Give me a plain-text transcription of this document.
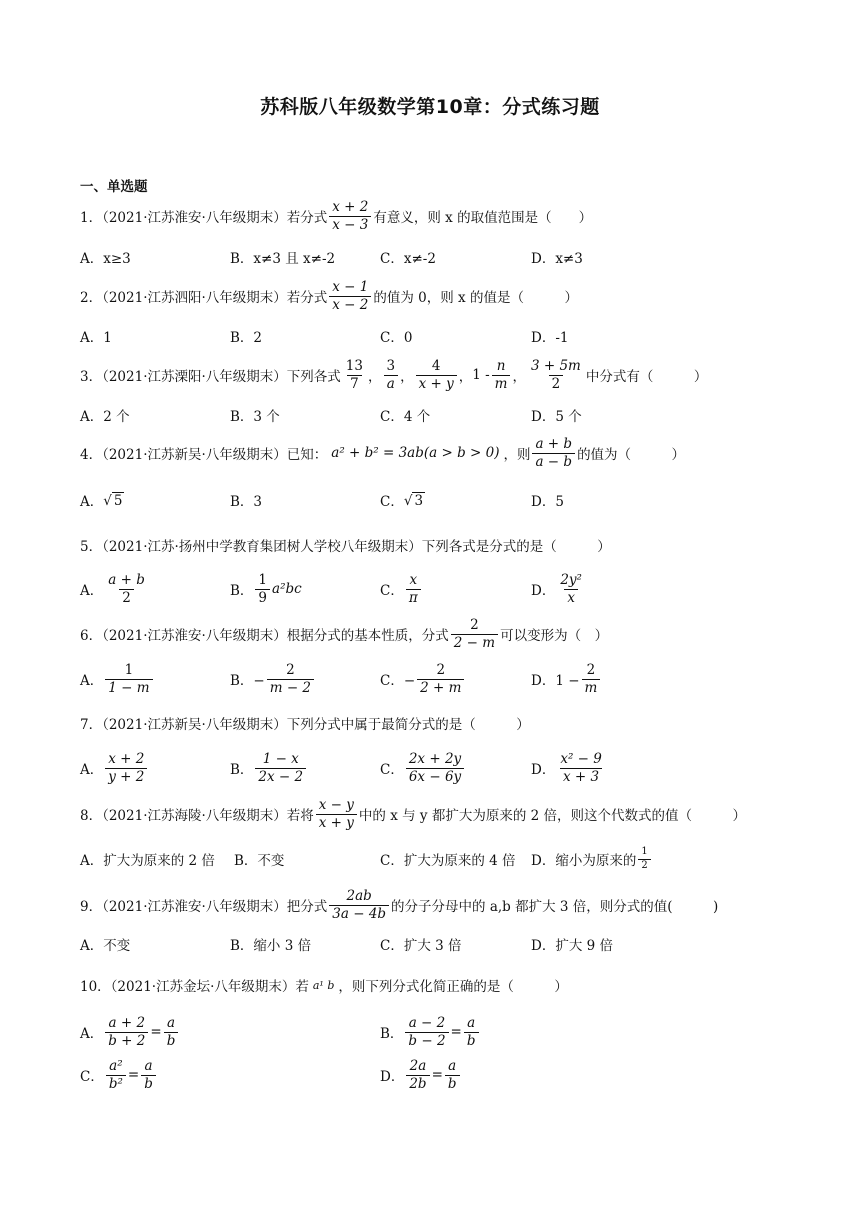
苏科版八年级数学第10章：分式练习题
一、单选题
1．（2021·江苏淮安·八年级期末）若分式 $\frac{x + 2}{x - 3}$ 有意义，则 x 的取值范围是（　　）
A．x≥3	B．x≠3 且 x≠-2	C．x≠-2	D．x≠3
2．（2021·江苏泗阳·八年级期末）若分式 $\frac{x - 1}{x - 2}$ 的值为 0，则 x 的值是（　　　）
A．1	B．2	C．0	D．-1
3．（2021·江苏溧阳·八年级期末）下列各式 $\frac{13}{7}$ ， $\frac{3}{a}$ ， $\frac{4}{x + y}$ ， $1 - \frac{n}{m}$ ， $\frac{3 + 5m}{2}$ 中分式有（　　　）
A．2 个	B．3 个	C．4 个	D．5 个
4．（2021·江苏新吴·八年级期末）已知： a² + b² = 3ab(a > b > 0) ，则 $\frac{a + b}{a - b}$ 的值为（　　　）
A． √ 5	B．3	C． √ 3	D．5
5．（2021·江苏·扬州中学教育集团树人学校八年级期末）下列各式是分式的是（　　　）
A． $\frac{a + b}{2}$	B． $\frac{1}{9} a^2bc$	C． $\frac{x}{\pi}$	D． $\frac{\text{2y²}}{x}$
6．（2021·江苏淮安·八年级期末）根据分式的基本性质，分式 $\frac{2}{2 - m}$ 可以变形为（　）
A． $\frac{1}{1 - m}$	B．− $\frac{2}{m - 2}$	C．− $\frac{2}{2 + m}$	D．$1 - \frac{2}{m}$
7．（2021·江苏新吴·八年级期末）下列分式中属于最简分式的是（　　　）
A． $\frac{x + 2}{y + 2}$	B． $\frac{1 - x}{2x - 2}$	C． $\frac{2x + 2y}{6x - 6y}$	D． $\frac{\text{x² − 9}}{x + 3}$
8．（2021·江苏海陵·八年级期末）若将 $\frac{x - y}{x + y}$ 中的 x 与 y 都扩大为原来的 2 倍，则这个代数式的值（　　　）
A．扩大为原来的 2 倍 B．不变	C．扩大为原来的 4 倍 D．缩小为原来的 $\frac{1}{2}$
9．（2021·江苏淮安·八年级期末）把分式 $\frac{2ab}{3a - 4b}$ 的分子分母中的 a,b 都扩大 3 倍，则分式的值(　　　)
A．不变	B．缩小 3 倍	C．扩大 3 倍	D．扩大 9 倍
10．（2021·江苏金坛·八年级期末）若 a¹ b ，则下列分式化简正确的是（　　　）
A． $\frac{a + 2}{b + 2} = \frac{a}{b}$	B． $\frac{a - 2}{b - 2} = \frac{a}{b}$
C． $\frac{\text{a²}}{\text{b²}} = \frac{a}{b}$	D． $\frac{2a}{2b} = \frac{a}{b}$
